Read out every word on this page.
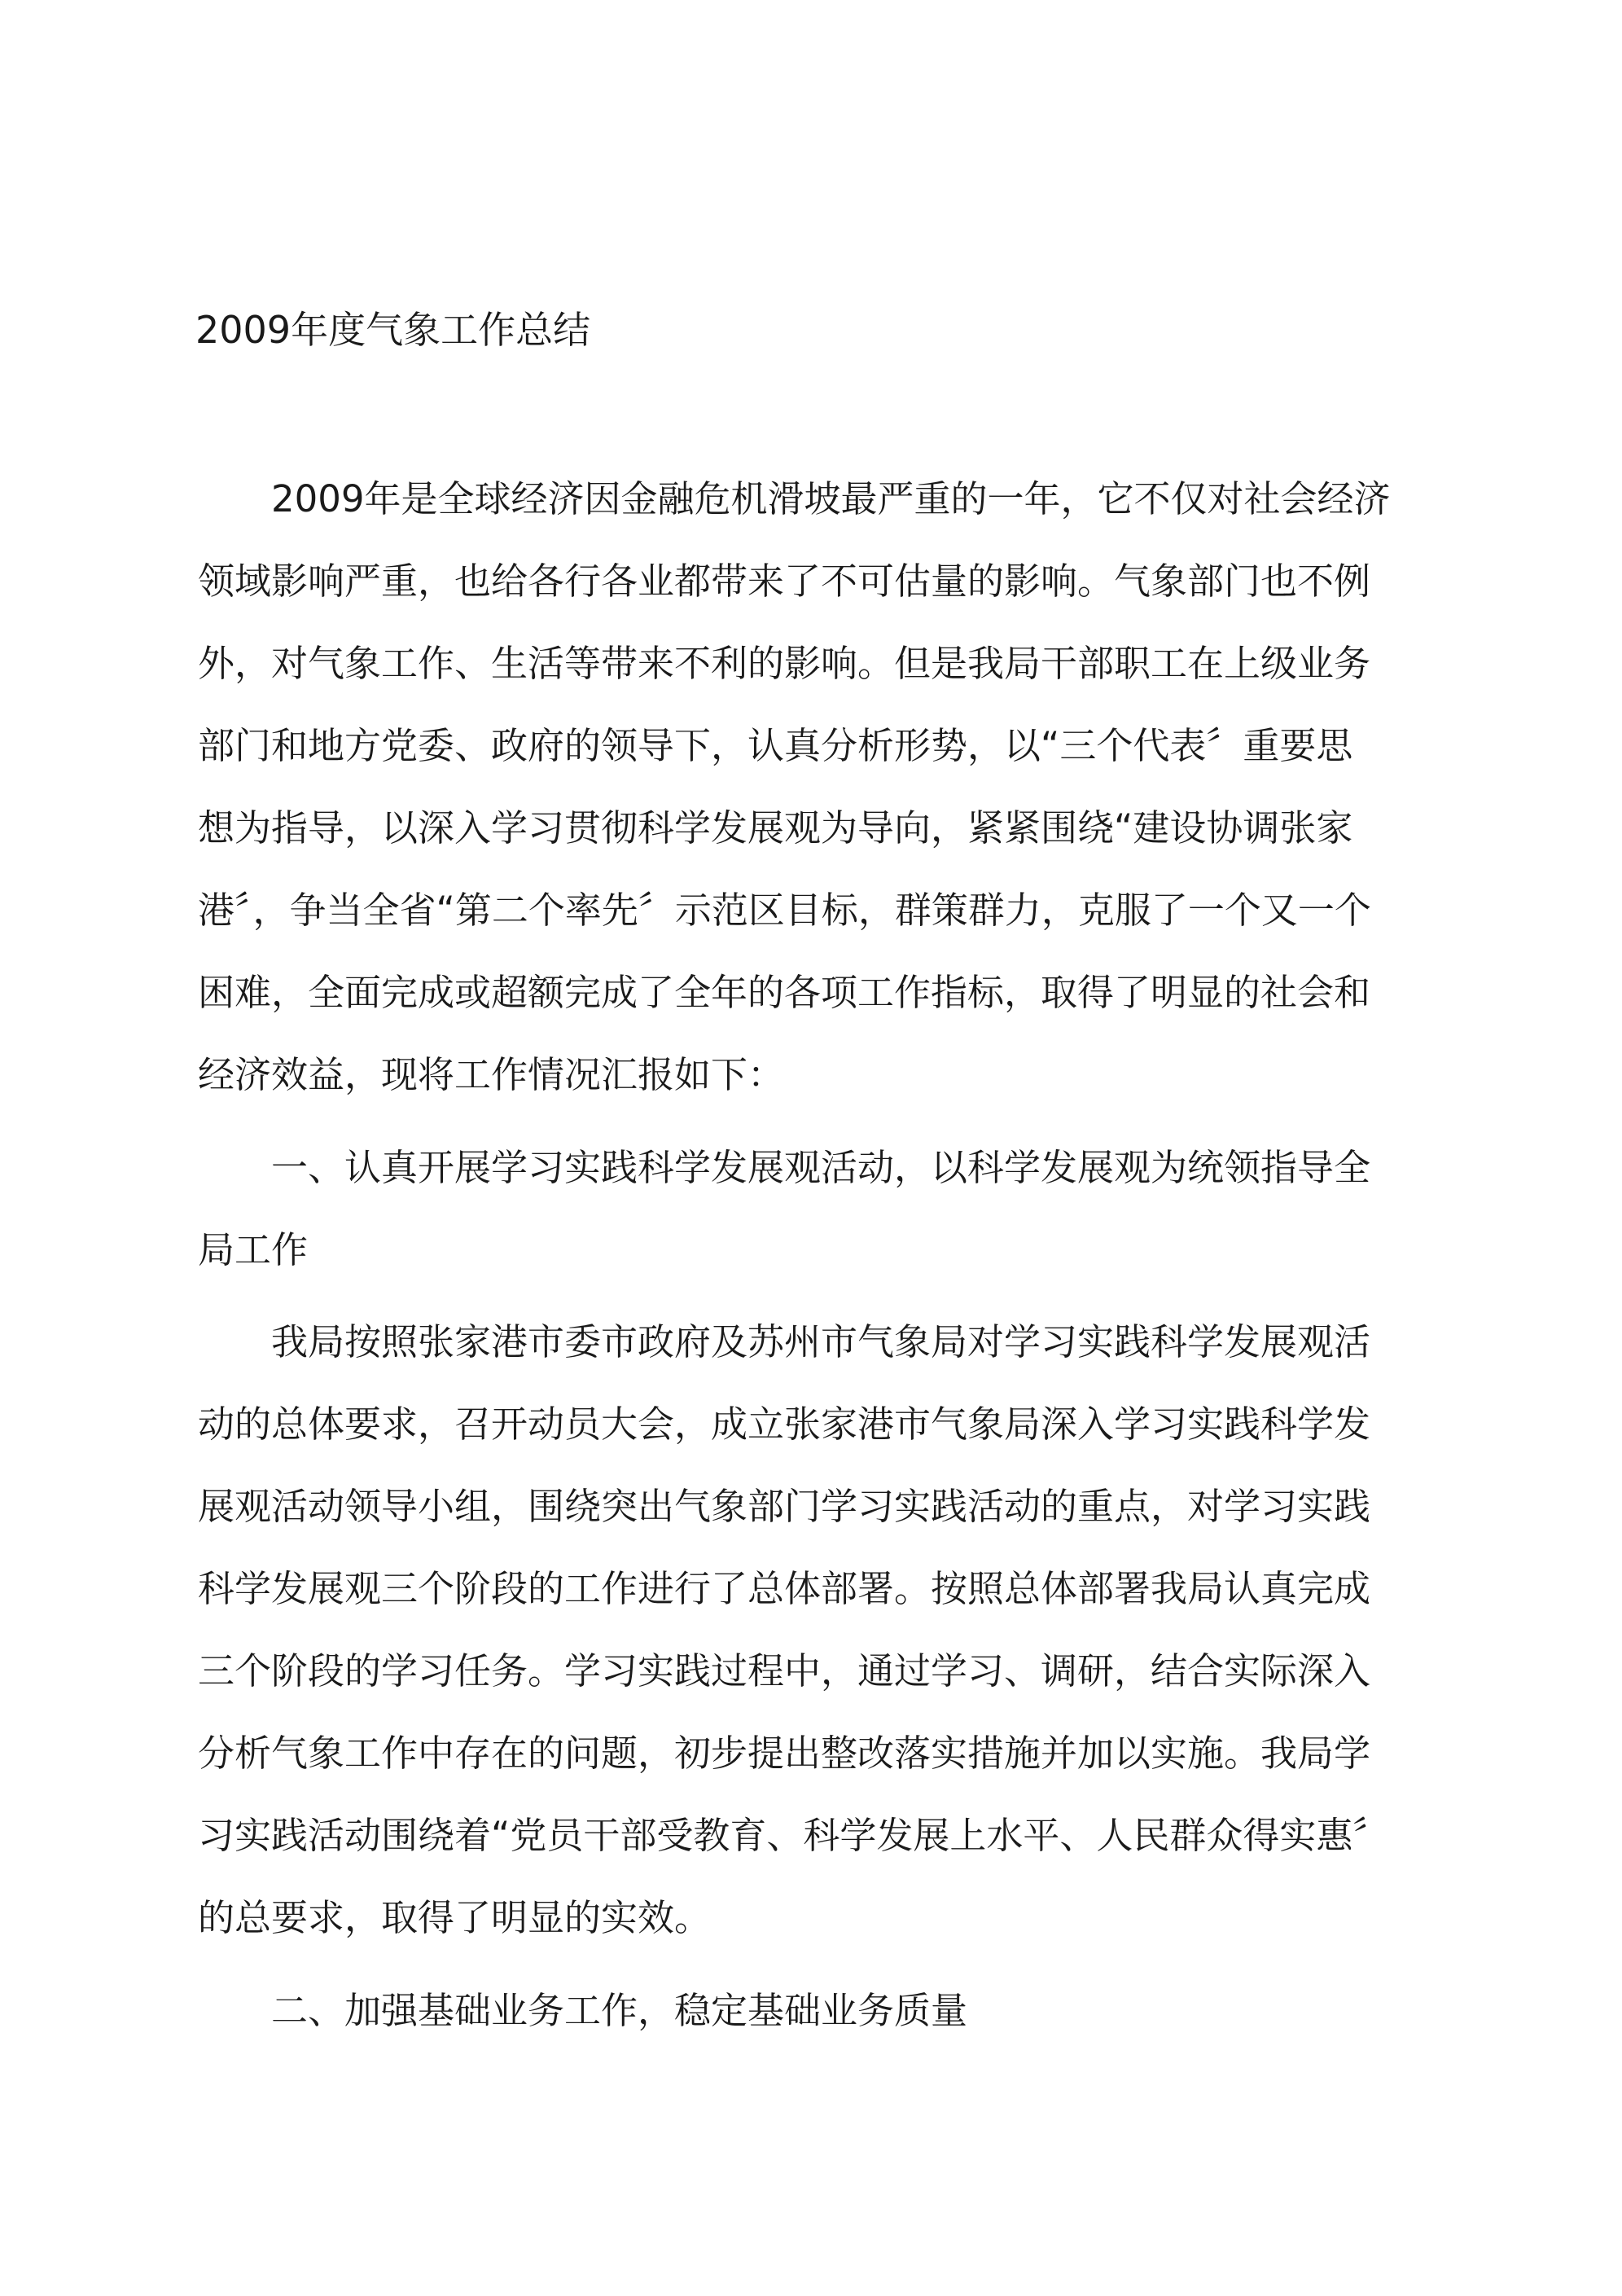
2009年度气象工作总结

2009年是全球经济因金融危机滑坡最严重的一年，它不仅对社会经济

领域影响严重，也给各行各业都带来了不可估量的影响。气象部门也不例

外，对气象工作、生活等带来不利的影响。但是我局干部职工在上级业务

部门和地方党委、政府的领导下，认真分析形势，以“三个代表〞重要思

想为指导，以深入学习贯彻科学发展观为导向，紧紧围绕“建设协调张家

港〞，争当全省“第二个率先〞示范区目标，群策群力，克服了一个又一个

困难，全面完成或超额完成了全年的各项工作指标，取得了明显的社会和

经济效益，现将工作情况汇报如下：

一、认真开展学习实践科学发展观活动，以科学发展观为统领指导全

局工作

我局按照张家港市委市政府及苏州市气象局对学习实践科学发展观活

动的总体要求，召开动员大会，成立张家港市气象局深入学习实践科学发

展观活动领导小组，围绕突出气象部门学习实践活动的重点，对学习实践

科学发展观三个阶段的工作进行了总体部署。按照总体部署我局认真完成

三个阶段的学习任务。学习实践过程中，通过学习、调研，结合实际深入

分析气象工作中存在的问题，初步提出整改落实措施并加以实施。我局学

习实践活动围绕着“党员干部受教育、科学发展上水平、人民群众得实惠〞

的总要求，取得了明显的实效。

二、加强基础业务工作，稳定基础业务质量
